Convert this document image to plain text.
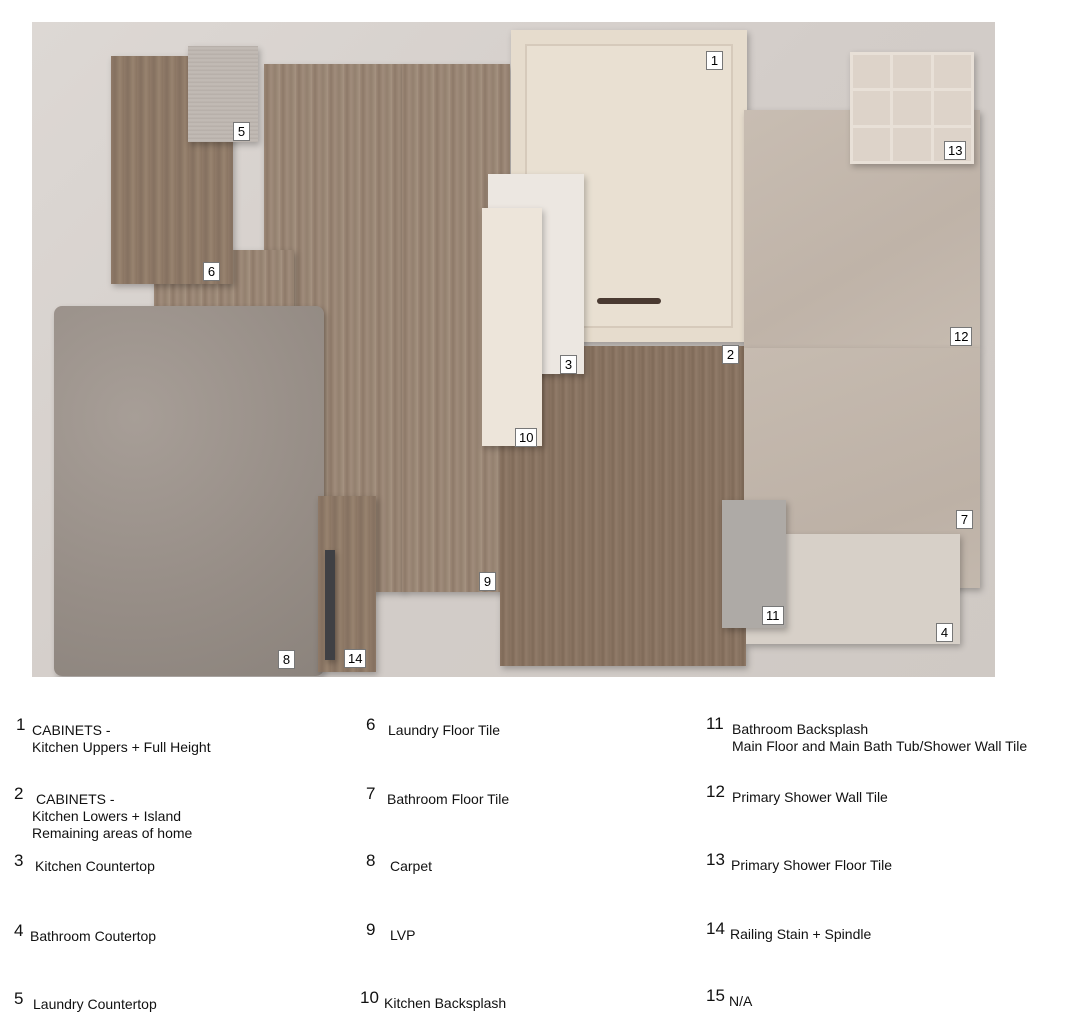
1
2
3
4
5
6
7
8
9
10
11
12
13
14
1 CABINETS -
Kitchen Uppers + Full Height
2 CABINETS -
Kitchen Lowers + Island
Remaining areas of home
3 Kitchen Countertop
4 Bathroom Coutertop
5 Laundry Countertop
6 Laundry Floor Tile
7 Bathroom Floor Tile
8 Carpet
9 LVP
10 Kitchen Backsplash
11 Bathroom Backsplash
Main Floor and Main Bath Tub/Shower Wall Tile
12 Primary Shower Wall Tile
13 Primary Shower Floor Tile
14 Railing Stain + Spindle
15 N/A
